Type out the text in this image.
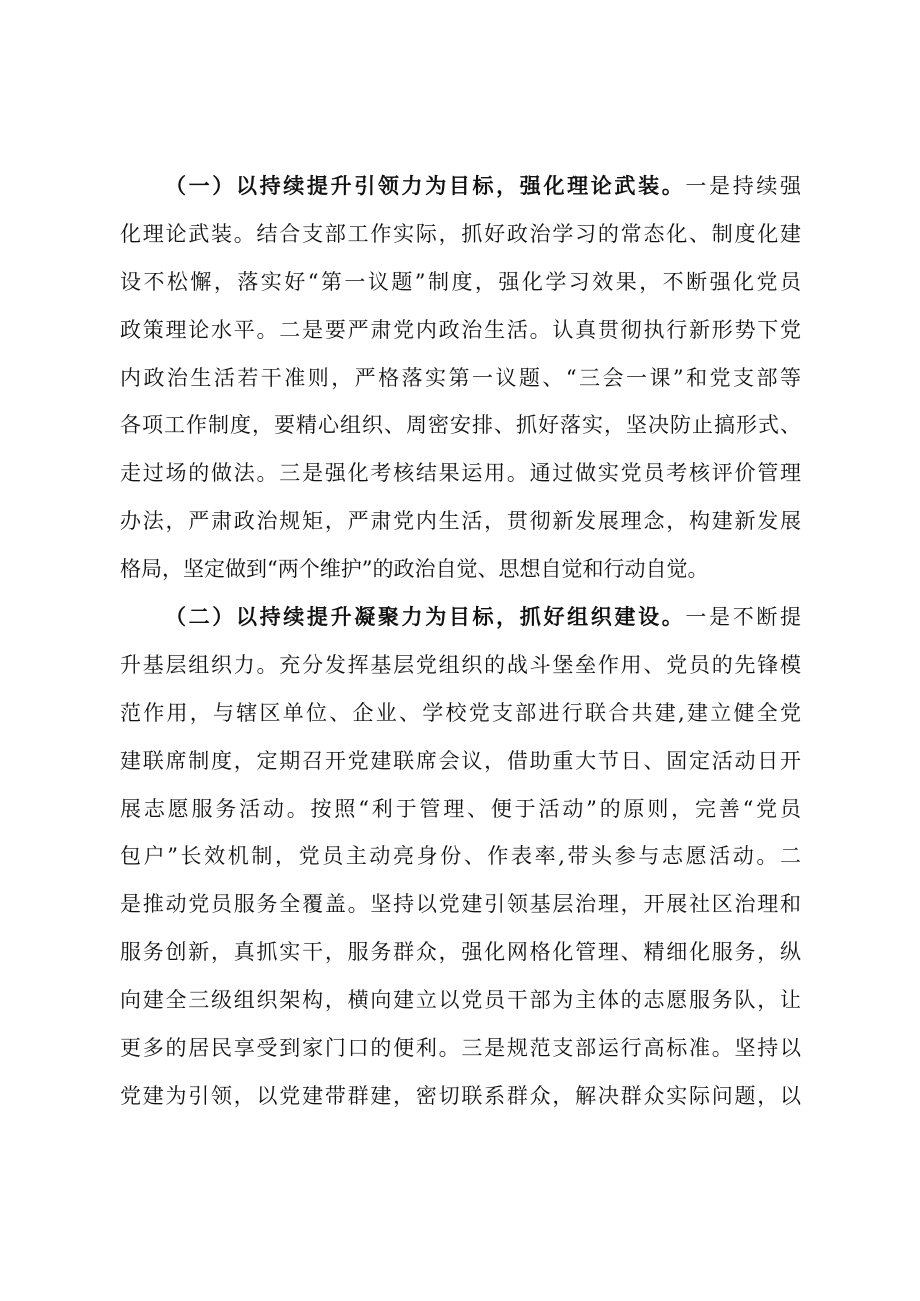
（一）以持续提升引领力为目标，强化理论武装。一是持续强
化理论武装。结合支部工作实际，抓好政治学习的常态化、制度化建
设不松懈，落实好“第一议题”制度，强化学习效果，不断强化党员
政策理论水平。二是要严肃党内政治生活。认真贯彻执行新形势下党
内政治生活若干准则，严格落实第一议题、“三会一课”和党支部等
各项工作制度，要精心组织、周密安排、抓好落实，坚决防止搞形式、
走过场的做法。三是强化考核结果运用。通过做实党员考核评价管理
办法，严肃政治规矩，严肃党内生活，贯彻新发展理念，构建新发展
格局，坚定做到“两个维护”的政治自觉、思想自觉和行动自觉。
（二）以持续提升凝聚力为目标，抓好组织建设。一是不断提
升基层组织力。充分发挥基层党组织的战斗堡垒作用、党员的先锋模
范作用，与辖区单位、企业、学校党支部进行联合共建,建立健全党
建联席制度，定期召开党建联席会议，借助重大节日、固定活动日开
展志愿服务活动。按照“利于管理、便于活动”的原则，完善“党员
包户”长效机制，党员主动亮身份、作表率,带头参与志愿活动。二
是推动党员服务全覆盖。坚持以党建引领基层治理，开展社区治理和
服务创新，真抓实干，服务群众，强化网格化管理、精细化服务，纵
向建全三级组织架构，横向建立以党员干部为主体的志愿服务队，让
更多的居民享受到家门口的便利。三是规范支部运行高标准。坚持以
党建为引领，以党建带群建，密切联系群众，解决群众实际问题，以
